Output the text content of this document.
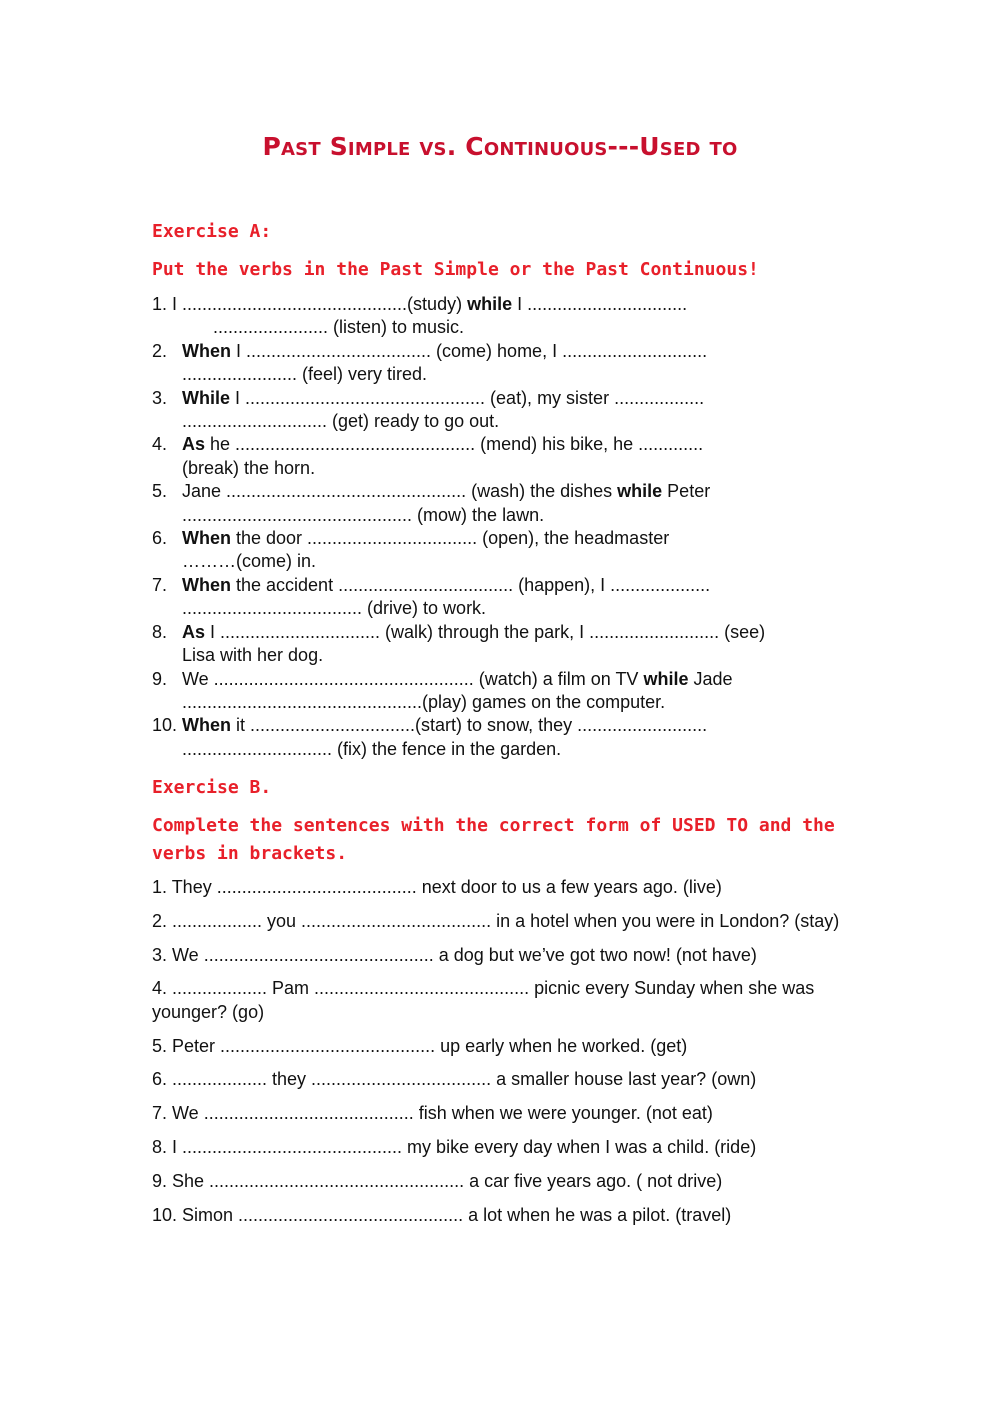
Past Simple vs. Continuous---Used to
Exercise A:
Put the verbs in the Past Simple or the Past Continuous!
1. I .............................................(study) while I ................................
....................... (listen) to music.
2. When I ..................................... (come) home, I .............................
....................... (feel) very tired.
3. While I ................................................ (eat), my sister ..................
............................. (get) ready to go out.
4. As he ................................................ (mend) his bike, he .............
(break) the horn.
5. Jane ................................................ (wash) the dishes while Peter
.............................................. (mow) the lawn.
6. When the door .................................. (open), the headmaster
………(come) in.
7. When the accident ................................... (happen), I ....................
.................................... (drive) to work.
8. As I ................................ (walk) through the park, I .......................... (see)
Lisa with her dog.
9. We .................................................... (watch) a film on TV while Jade
................................................(play) games on the computer.
10. When it .................................(start) to snow, they ..........................
.............................. (fix) the fence in the garden.
Exercise B.
Complete the sentences with the correct form of USED TO and the verbs in brackets.
1. They ........................................ next door to us a few years ago. (live)
2. .................. you ...................................... in a hotel when you were in London? (stay)
3. We .............................................. a dog but we’ve got two now! (not have)
4. ................... Pam ........................................... picnic every Sunday when she was younger? (go)
5. Peter ........................................... up early when he worked. (get)
6. ................... they .................................... a smaller house last year? (own)
7. We .......................................... fish when we were younger. (not eat)
8. I ............................................ my bike every day when I was a child. (ride)
9. She ................................................... a car five years ago. ( not drive)
10. Simon ............................................. a lot when he was a pilot. (travel)
